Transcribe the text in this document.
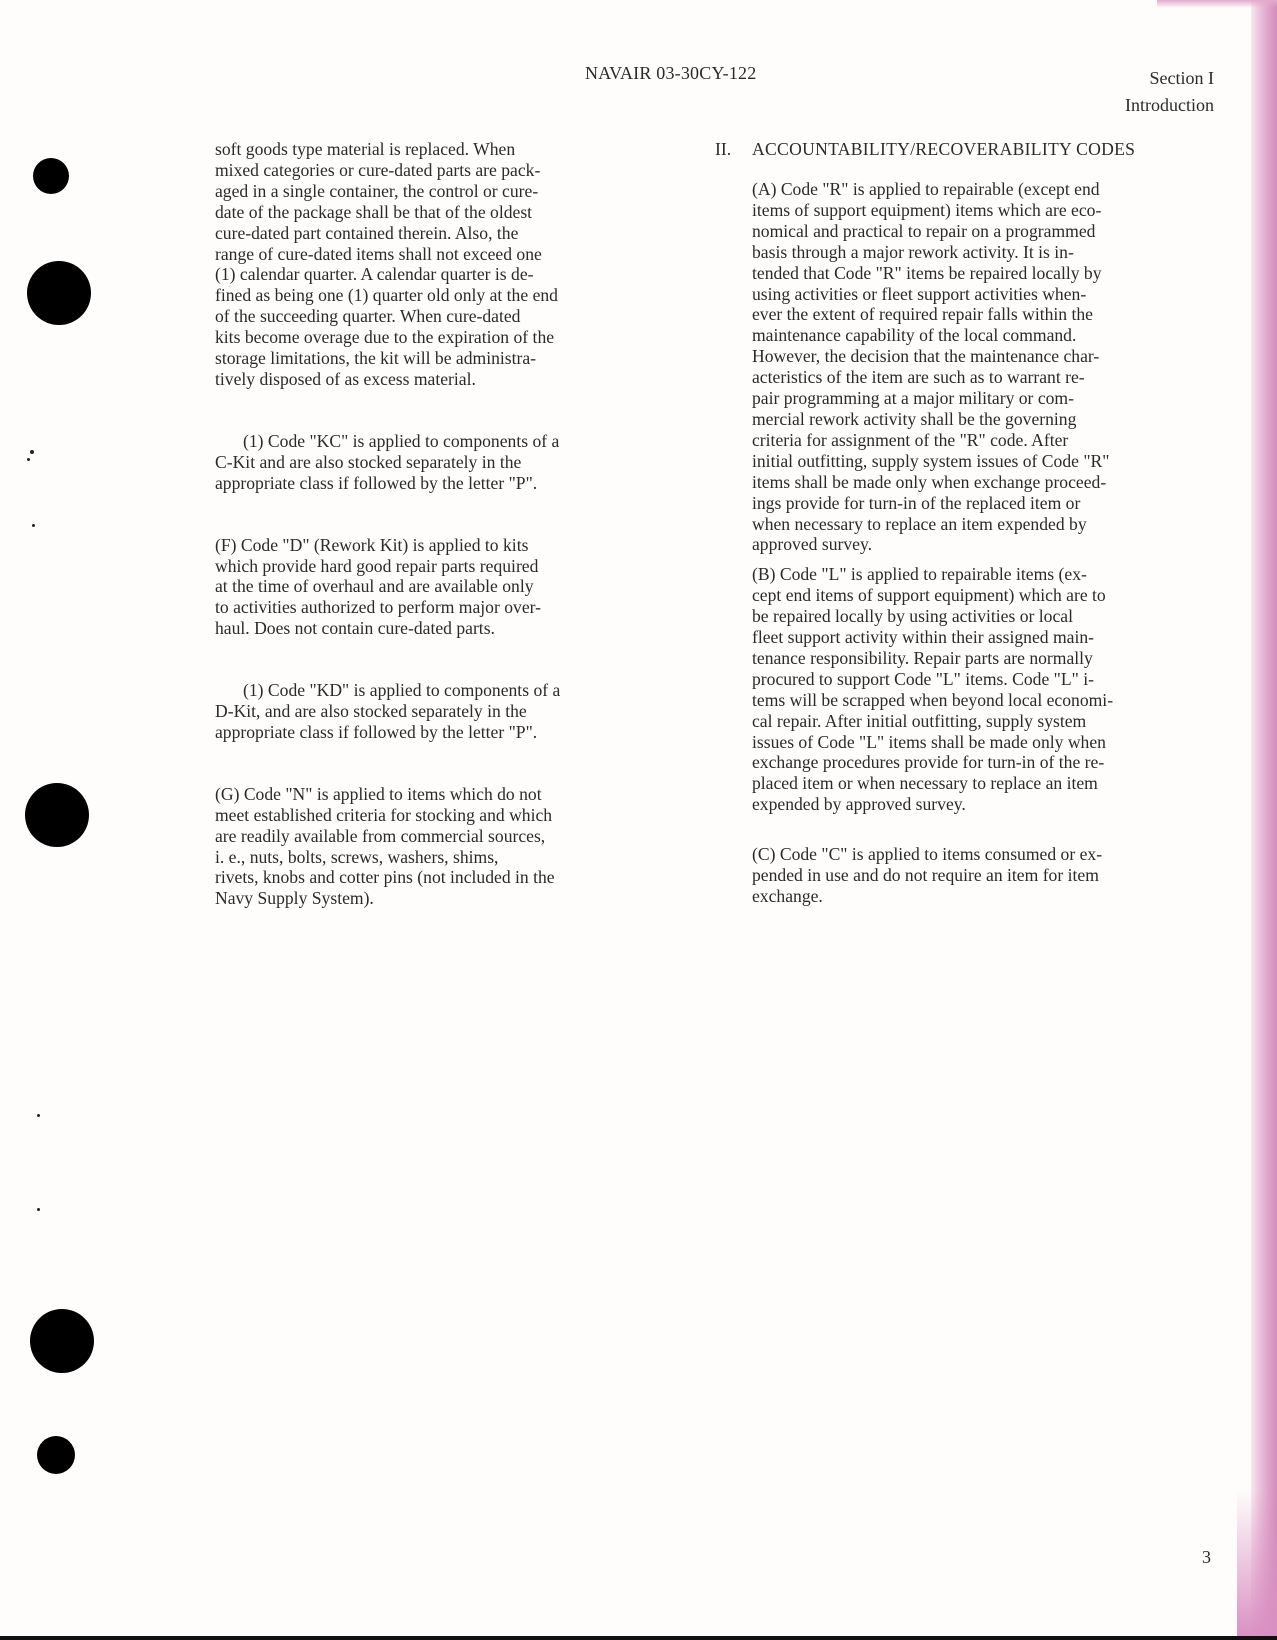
NAVAIR 03-30CY-122	Section I
Introduction
soft goods type material is replaced. When
mixed categories or cure-dated parts are pack-
aged in a single container, the control or cure-
date of the package shall be that of the oldest
cure-dated part contained therein. Also, the
range of cure-dated items shall not exceed one
(1) calendar quarter. A calendar quarter is de-
fined as being one (1) quarter old only at the end
of the succeeding quarter. When cure-dated
kits become overage due to the expiration of the
storage limitations, the kit will be administra-
tively disposed of as excess material.
(1) Code "KC" is applied to components of a
C-Kit and are also stocked separately in the
appropriate class if followed by the letter "P".
(F) Code "D" (Rework Kit) is applied to kits
which provide hard good repair parts required
at the time of overhaul and are available only
to activities authorized to perform major over-
haul. Does not contain cure-dated parts.
(1) Code "KD" is applied to components of a
D-Kit, and are also stocked separately in the
appropriate class if followed by the letter "P".
(G) Code "N" is applied to items which do not
meet established criteria for stocking and which
are readily available from commercial sources,
i. e., nuts, bolts, screws, washers, shims,
rivets, knobs and cotter pins (not included in the
Navy Supply System).
II. ACCOUNTABILITY/RECOVERABILITY CODES
(A) Code "R" is applied to repairable (except end
items of support equipment) items which are eco-
nomical and practical to repair on a programmed
basis through a major rework activity. It is in-
tended that Code "R" items be repaired locally by
using activities or fleet support activities when-
ever the extent of required repair falls within the
maintenance capability of the local command.
However, the decision that the maintenance char-
acteristics of the item are such as to warrant re-
pair programming at a major military or com-
mercial rework activity shall be the governing
criteria for assignment of the "R" code. After
initial outfitting, supply system issues of Code "R"
items shall be made only when exchange proceed-
ings provide for turn-in of the replaced item or
when necessary to replace an item expended by
approved survey.
(B) Code "L" is applied to repairable items (ex-
cept end items of support equipment) which are to
be repaired locally by using activities or local
fleet support activity within their assigned main-
tenance responsibility. Repair parts are normally
procured to support Code "L" items. Code "L" i-
tems will be scrapped when beyond local economi-
cal repair. After initial outfitting, supply system
issues of Code "L" items shall be made only when
exchange procedures provide for turn-in of the re-
placed item or when necessary to replace an item
expended by approved survey.
(C) Code "C" is applied to items consumed or ex-
pended in use and do not require an item for item
exchange.
3
